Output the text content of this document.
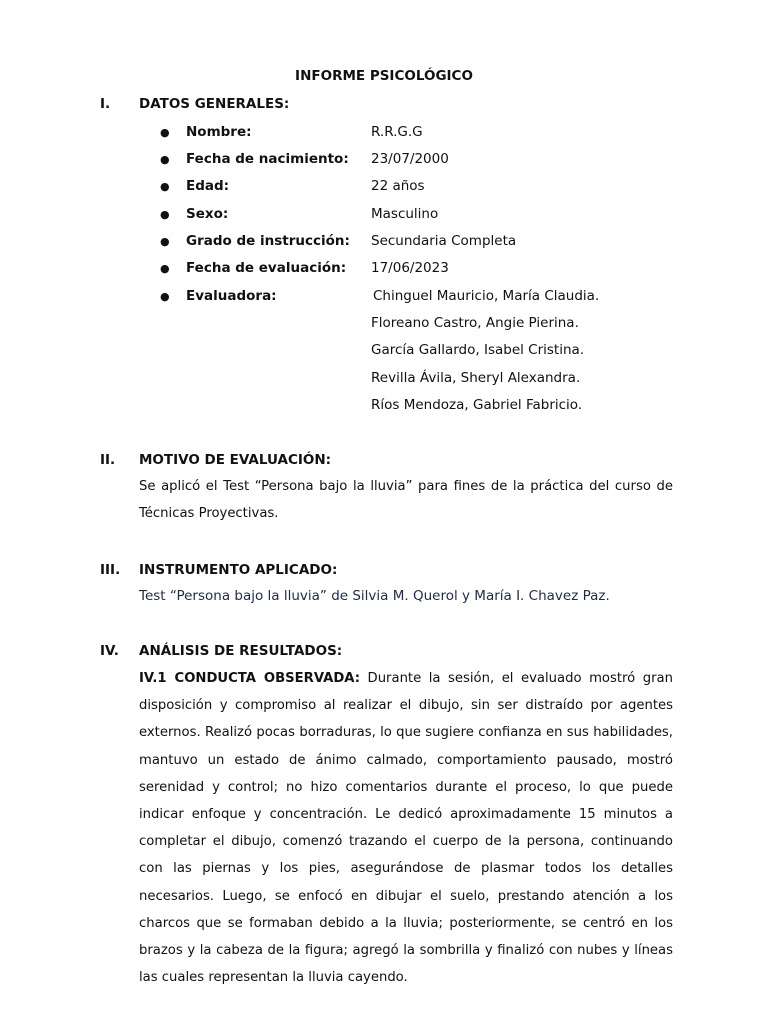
INFORME PSICOLÓGICO
I. DATOS GENERALES:
● Nombre:	R.R.G.G
● Fecha de nacimiento: 23/07/2000
● Edad:	22 años
● Sexo:	Masculino
● Grado de instrucción: Secundaria Completa
● Fecha de evaluación: 17/06/2023
● Evaluadora:	Chinguel Mauricio, María Claudia.
Floreano Castro, Angie Pierina.
García Gallardo, Isabel Cristina.
Revilla Ávila, Sheryl Alexandra.
Ríos Mendoza, Gabriel Fabricio.
II. MOTIVO DE EVALUACIÓN:
Se aplicó el Test “Persona bajo la lluvia” para fines de la práctica del curso de Técnicas Proyectivas.
III. INSTRUMENTO APLICADO:
Test “Persona bajo la lluvia” de Silvia M. Querol y María I. Chavez Paz.
IV. ANÁLISIS DE RESULTADOS:
IV.1 CONDUCTA OBSERVADA: Durante la sesión, el evaluado mostró gran disposición y compromiso al realizar el dibujo, sin ser distraído por agentes externos. Realizó pocas borraduras, lo que sugiere confianza en sus habilidades, mantuvo un estado de ánimo calmado, comportamiento pausado, mostró serenidad y control; no hizo comentarios durante el proceso, lo que puede indicar enfoque y concentración. Le dedicó aproximadamente 15 minutos a completar el dibujo, comenzó trazando el cuerpo de la persona, continuando con las piernas y los pies, asegurándose de plasmar todos los detalles necesarios. Luego, se enfocó en dibujar el suelo, prestando atención a los charcos que se formaban debido a la lluvia; posteriormente, se centró en los brazos y la cabeza de la figura; agregó la sombrilla y finalizó con nubes y líneas las cuales representan la lluvia cayendo.
